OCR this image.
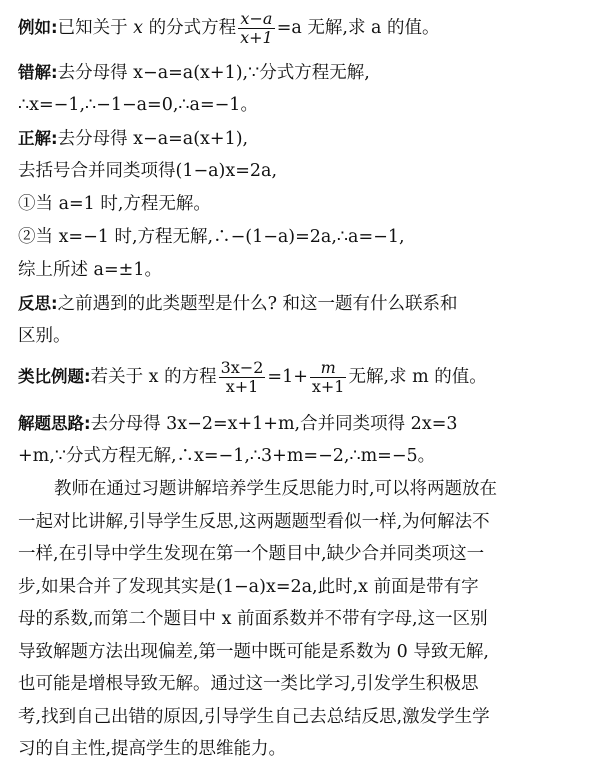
例如:已知关于 x 的分式方程 $\frac{x-a}{x+1} =a$ 无解,求 a 的值。
错解:去分母得 x−a=a(x+1),∵分式方程无解,
∴x=−1,∴−1−a=0,∴a=−1。
正解:去分母得 x−a=a(x+1),
去括号合并同类项得(1−a)x=2a,
①当 a=1 时,方程无解。
②当 x=−1 时,方程无解,∴−(1−a)=2a,∴a=−1,
综上所述 a=±1。
反思:之前遇到的此类题型是什么? 和这一题有什么联系和
区别。
类比例题:若关于 x 的方程 $\frac{3x-2}{x+1} =1+ \frac{m}{x+1}$ 无解,求 m 的值。
解题思路:去分母得 3x−2=x+1+m,合并同类项得 2x=3
+m,∵分式方程无解,∴x=−1,∴3+m=−2,∴m=−5。
教师在通过习题讲解培养学生反思能力时,可以将两题放在
一起对比讲解,引导学生反思,这两题题型看似一样,为何解法不
一样,在引导中学生发现在第一个题目中,缺少合并同类项这一
步,如果合并了发现其实是(1−a)x=2a,此时,x 前面是带有字
母的系数,而第二个题目中 x 前面系数并不带有字母,这一区别
导致解题方法出现偏差,第一题中既可能是系数为 0 导致无解,
也可能是增根导致无解。通过这一类比学习,引发学生积极思
考,找到自己出错的原因,引导学生自己去总结反思,激发学生学
习的自主性,提高学生的思维能力。
